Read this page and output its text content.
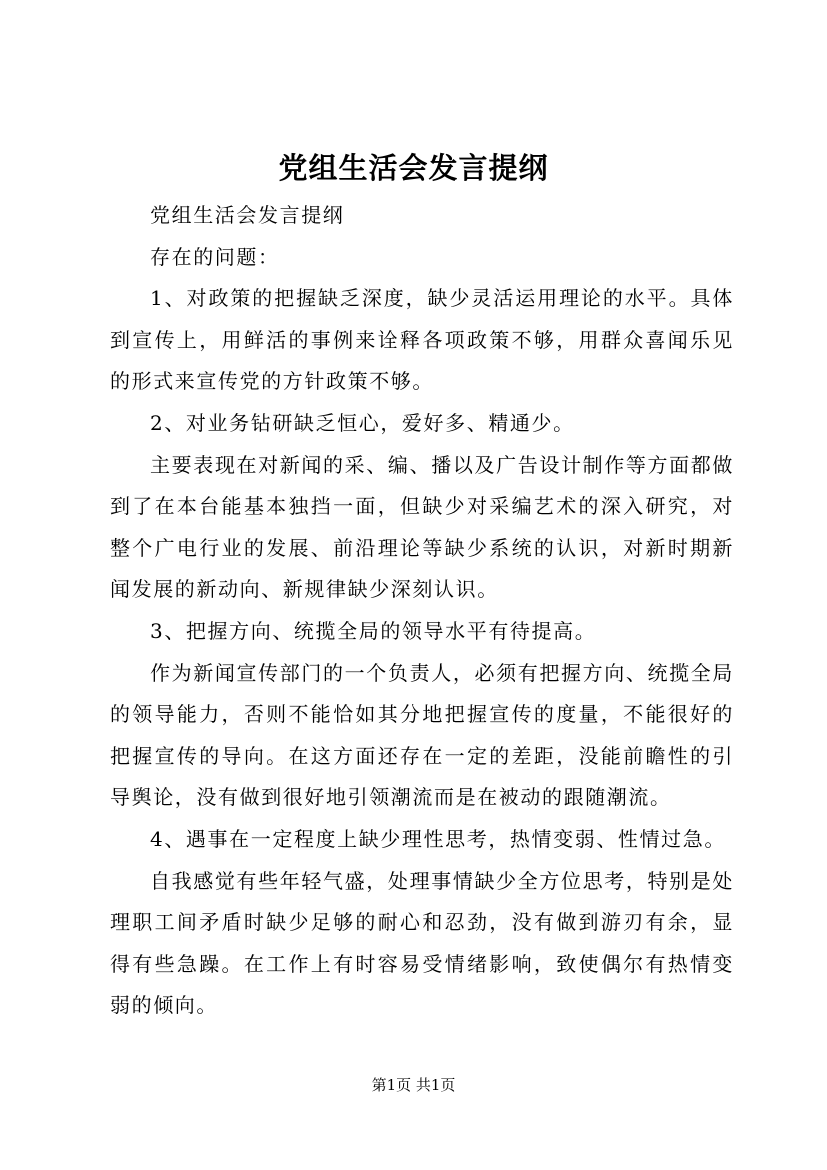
党组生活会发言提纲

党组生活会发言提纲

存在的问题：

1、对政策的把握缺乏深度，缺少灵活运用理论的水平。具体到宣传上，用鲜活的事例来诠释各项政策不够，用群众喜闻乐见的形式来宣传党的方针政策不够。

2、对业务钻研缺乏恒心，爱好多、精通少。

主要表现在对新闻的采、编、播以及广告设计制作等方面都做到了在本台能基本独挡一面，但缺少对采编艺术的深入研究，对整个广电行业的发展、前沿理论等缺少系统的认识，对新时期新闻发展的新动向、新规律缺少深刻认识。

3、把握方向、统揽全局的领导水平有待提高。

作为新闻宣传部门的一个负责人，必须有把握方向、统揽全局的领导能力，否则不能恰如其分地把握宣传的度量，不能很好的把握宣传的导向。在这方面还存在一定的差距，没能前瞻性的引导舆论，没有做到很好地引领潮流而是在被动的跟随潮流。

4、遇事在一定程度上缺少理性思考，热情变弱、性情过急。

自我感觉有些年轻气盛，处理事情缺少全方位思考，特别是处理职工间矛盾时缺少足够的耐心和忍劲，没有做到游刃有余，显得有些急躁。在工作上有时容易受情绪影响，致使偶尔有热情变弱的倾向。

第1页 共1页
